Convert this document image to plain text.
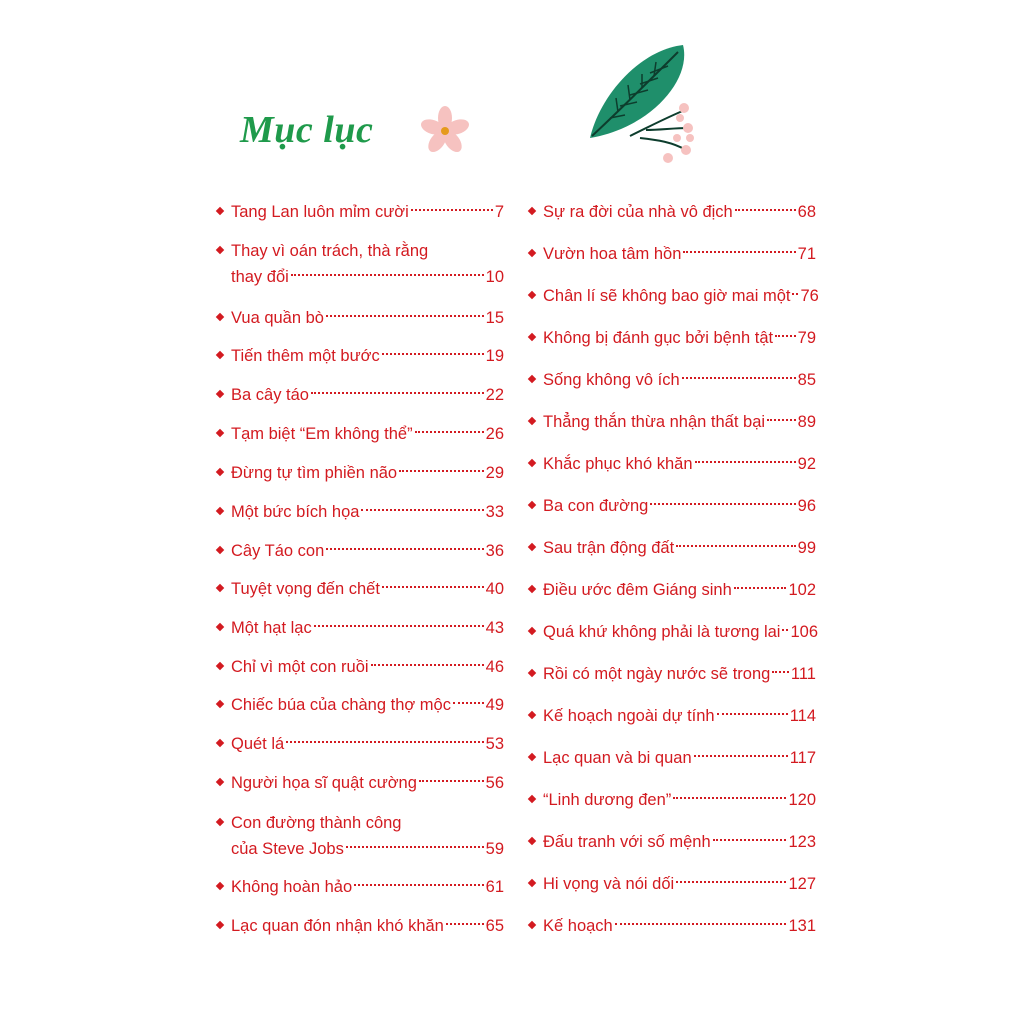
Mục lục
Tang Lan luôn mỉm cười	7
Thay vì oán trách, thà rằng
thay đổi	10
Vua quần bò	15
Tiến thêm một bước	19
Ba cây táo	22
Tạm biệt “Em không thể”	26
Đừng tự tìm phiền não	29
Một bức bích họa	33
Cây Táo con	36
Tuyệt vọng đến chết	40
Một hạt lạc	43
Chỉ vì một con ruồi	46
Chiếc búa của chàng thợ mộc 49
Quét lá	53
Người họa sĩ quật cường	56
Con đường thành công
của Steve Jobs	59
Không hoàn hảo	61
Lạc quan đón nhận khó khăn	65
Sự ra đời của nhà vô địch	68
Vườn hoa tâm hồn	71
Chân lí sẽ không bao giờ mai một 76
Không bị đánh gục bởi bệnh tật 79
Sống không vô ích	85
Thẳng thắn thừa nhận thất bại 89
Khắc phục khó khăn	92
Ba con đường	96
Sau trận động đất	99
Điều ước đêm Giáng sinh	102
Quá khứ không phải là tương lai 106
Rồi có một ngày nước sẽ trong 111
Kế hoạch ngoài dự tính	114
Lạc quan và bi quan	117
“Linh dương đen”	120
Đấu tranh với số mệnh	123
Hi vọng và nói dối	127
Kế hoạch	131
